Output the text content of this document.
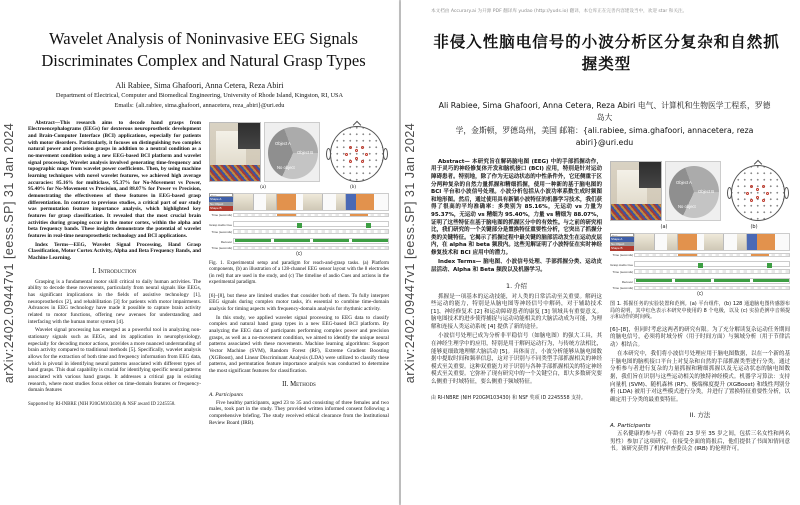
arXiv:2402.09447v1 [eess.SP] 31 Jan 2024
Wavelet Analysis of Noninvasive EEG Signals
Discriminates Complex and Natural Grasp Types
Ali Rabiee, Sima Ghafoori, Anna Cetera, Reza Abiri
Department of Electrical, Computer and Biomedical Engineering, University of Rhode Island, Kingston, RI, USA
Emails: {ali.rabiee, sima.ghafoori, annacetera, reza_abiri}@uri.edu

Abstract—This research aims to decode hand grasps from Electroencephalograms (EEGs) for dexterous neuroprosthetic development and Brain-Computer Interface (BCI) applications, especially for patients with motor disorders. Particularly, it focuses on distinguishing two complex natural power and precision grasps in addition to a neutral condition as a no-movement condition using a new EEG-based BCI platform and wavelet signal processing. Wavelet analysis involved generating time-frequency and topographic maps from wavelet power coefficients. Then, by using machine learning techniques with novel wavelet features, we achieved high average accuracies: 85.16% for multiclass, 95.37% for No-Movement vs Power, 95.40% for No-Movement vs Precision, and 88.07% for Power vs Precision, demonstrating the effectiveness of these features in EEG-based grasp differentiation. In contrast to previous studies, a critical part of our study was permutation feature importance analysis, which highlighted key features for grasp classification. It revealed that the most crucial brain activities during grasping occur in the motor cortex, within the alpha and beta frequency bands. These insights demonstrate the potential of wavelet features in real-time neuroprosthetic technology and BCI applications.

Index Terms—EEG, Wavelet Signal Processing, Hand Grasp Classification, Motor Cortex Activity, Alpha and Beta Frequency Bands, and Machine Learning.

I. Introduction

Grasping is a fundamental motor skill critical to daily human activities. The ability to decode these movements, particularly from neural signals like EEGs, has significant implications in the fields of assistive technology [1], neuroprosthetics [2], and rehabilitation [3] for patients with motor impairments. Advances in EEG technology have made it possible to capture brain activity related to motor functions, offering new avenues for understanding and interfacing with the human motor system [4].

Wavelet signal processing has emerged as a powerful tool in analyzing non-stationary signals such as EEGs, and its application in neurophysiology, especially for decoding motor actions, provides a more nuanced understanding of brain activity compared to traditional methods [5]. Specifically, wavelet analysis allows for the extraction of both time and frequency information from EEG data, which is pivotal in identifying neural patterns associated with different types of hand grasps. This dual capability is crucial for identifying specific neural patterns associated with various hand grasps. It addresses a critical gap in existing research, where most studies focus either on time-domain features or frequency-domain features

Supported by RI-INBRE (NIH P20GM103430) & NSF award ID 2245558.
Object A
Object B
No object
(a)	(b)
Cue
Shape A
No Object
Shape B
Time (seconds)
Grasp Audio Cue
Time (seconds)
Recover
Time (seconds)
(c)

Fig. 1. Experimental setup and paradigm for reach-and-grasp tasks. (a) Platform components, (b) an illustration of a 128-channel EEG sensor layout with the 8 electrodes (in red) that are used in the study, and (c) The timeline of audio Cues and actions in the experimental paradigm.

[6]–[8], but these are limited studies that consider both of them. To fully interpret EEG signals during complex motor tasks, it's essential to combine time-domain analysis for timing aspects with frequency-domain analysis for rhythmic activity.

In this study, we applied wavelet signal processing to EEG data to classify complex and natural hand grasp types in a new EEG-based BCI platform. By analyzing the EEG data of participants performing complex power and precision grasps, as well as a no-movement condition, we aimed to identify the unique neural patterns associated with these movements. Machine learning algorithms: Support Vector Machine (SVM), Random Forest (RF), Extreme Gradient Boosting (XGBoost), and Linear Discriminant Analysis (LDA) were utilized to classify these patterns, and permutation feature importance analysis was conducted to determine the most significant features for classification.

II. Methods
A. Participants

Five healthy participants, aged 23 to 35 and consisting of three females and two males, took part in the study. They provided written informed consent following a comprehensive briefing. The study received ethical clearance from the Institutional Review Board (IRB).

arXiv:2402.09447v1 [eess.SP] 31 Jan 2024
本文档由 Accurary.ai 为开源 PDF 翻译库 yudao (http://yuds.io) 翻译，本仓库正在完善内容建设当中，欢迎 star 和关注。
非侵入性脑电信号的小波分析区分复杂和自然抓握类型
Ali Rabiee, Sima Ghafoori, Anna Cetera, Reza Abiri 电气、计算机和生物医学工程系，罗德岛大
学，金斯顿，罗德岛州，美国 邮箱：{ali.rabiee, sima.ghafoori, annacetera, reza abiri}@uri.edu

Abstract— 本研究旨在解码脑电图 (EEG) 中的手部抓握动作，用于灵巧的神经修复体开发和脑机接口 (BCI) 应用，特别是针对运动障碍患者。特别地，除了作为无运动状态的中性条件外，它还侧重于区分两种复杂的自然力量抓握和精细抓握，使用一种新的基于脑电图的 BCI 平台和小波信号处理。小波分析包括从小波功率系数生成时频图和地形图。然后，通过使用具有新颖小波特征的机器学习技术，我们获得了很高的平均准确率：多类别为 85.16%，无运动 vs 力量为 95.37%，无运动 vs 精细为 95.40%，力量 vs 精细为 88.07%，证明了这些特征在基于脑电图的抓握区分中的有效性。与之前的研究相比，我们研究的一个关键部分是置换特征重要性分析，它突出了抓握分类的关键特征。它揭示了抓握过程中最关键的脑部活动发生在运动皮层内，在 alpha 和 beta 频段内。这些见解证明了小波特征在实时神经修复技术和 BCI 应用中的潜力。

Index Terms— 脑电图、小波信号处理、手部抓握分类、运动皮层活动、Alpha 和 Beta 频段以及机器学习。

1. 介绍

抓握是一项基本的运动技能，对人类的日常活动至关重要。解码这些运动的能力，特别是从脑电图等神经信号中解码，对于辅助技术 [1]、神经修复术 [2] 和运动障碍患者的康复 [3] 领域具有重要意义。脑电图技术的进步使得捕捉与运动功能相关的大脑活动成为可能，为理解和连接人类运动系统 [4] 提供了新的途径。

小波信号处理已成为分析非平稳信号（如脑电图）的强大工具，其在神经生理学中的应用，特别是用于解码运动行为，与传统方法相比，能够更细致地理解大脑活动 [5]。具体而言，小波分析能够从脑电图数据中提取时间和频率信息，这对于识别与不同类型手部抓握相关的神经模式至关重要。这种双重能力对于识别与各种手部抓握相关的特定神经模式至关重要。它弥补了现有研究中的一个关键空白，即大多数研究要么侧重于时域特征，要么侧重于频域特征。

由 RI-INBRE (NIH P20GM103430) 和 NSF 奖项 ID 2245558 支持。
Object A
Object B
No object
(a)	(b)
Cue
Shape A
No Object
Shape B
Time (seconds)
Grasp Audio Cue
Time (seconds)
Recover
Time (seconds)
(c)

图 1. 抓握任务的实验装置和范例。(a) 平台组件，(b) 128 通道脑电图传感器布局的说明，其中红色表示本研究中使用的 8 个电极，以及 (c) 实验范例中音频提示和动作的时间线。

[6]–[8]，但同时考虑这两者的研究有限。为了充分解读复杂运动任务期间的脑电信号，必须将时域分析（用于时间方面）与频域分析（用于节律活动）相结合。

在本研究中，我们将小波信号处理应用于脑电图数据，以在一个新的基于脑电图的脑机接口平台上对复杂和自然的手部抓握类型进行分类。通过分析参与者进行复杂的力量抓握和精细抓握以及无运动状态的脑电图数据，我们旨在识别与这些运动相关的独特神经模式。机器学习算法：支持向量机 (SVM)、随机森林 (RF)、极端梯度提升 (XGBoost) 和线性判别分析 (LDA) 被用于对这些模式进行分类，并进行了置换特征重要性分析，以确定用于分类的最重要特征。

II. 方法
A. Participants

五名健康的参与者（年龄在 23 岁至 35 岁之间，包括三名女性和两名男性）参加了这项研究。在接受全面的简报后，他们提供了书面知情同意书。该研究获得了机构审查委员会 (IRB) 的伦理许可。
